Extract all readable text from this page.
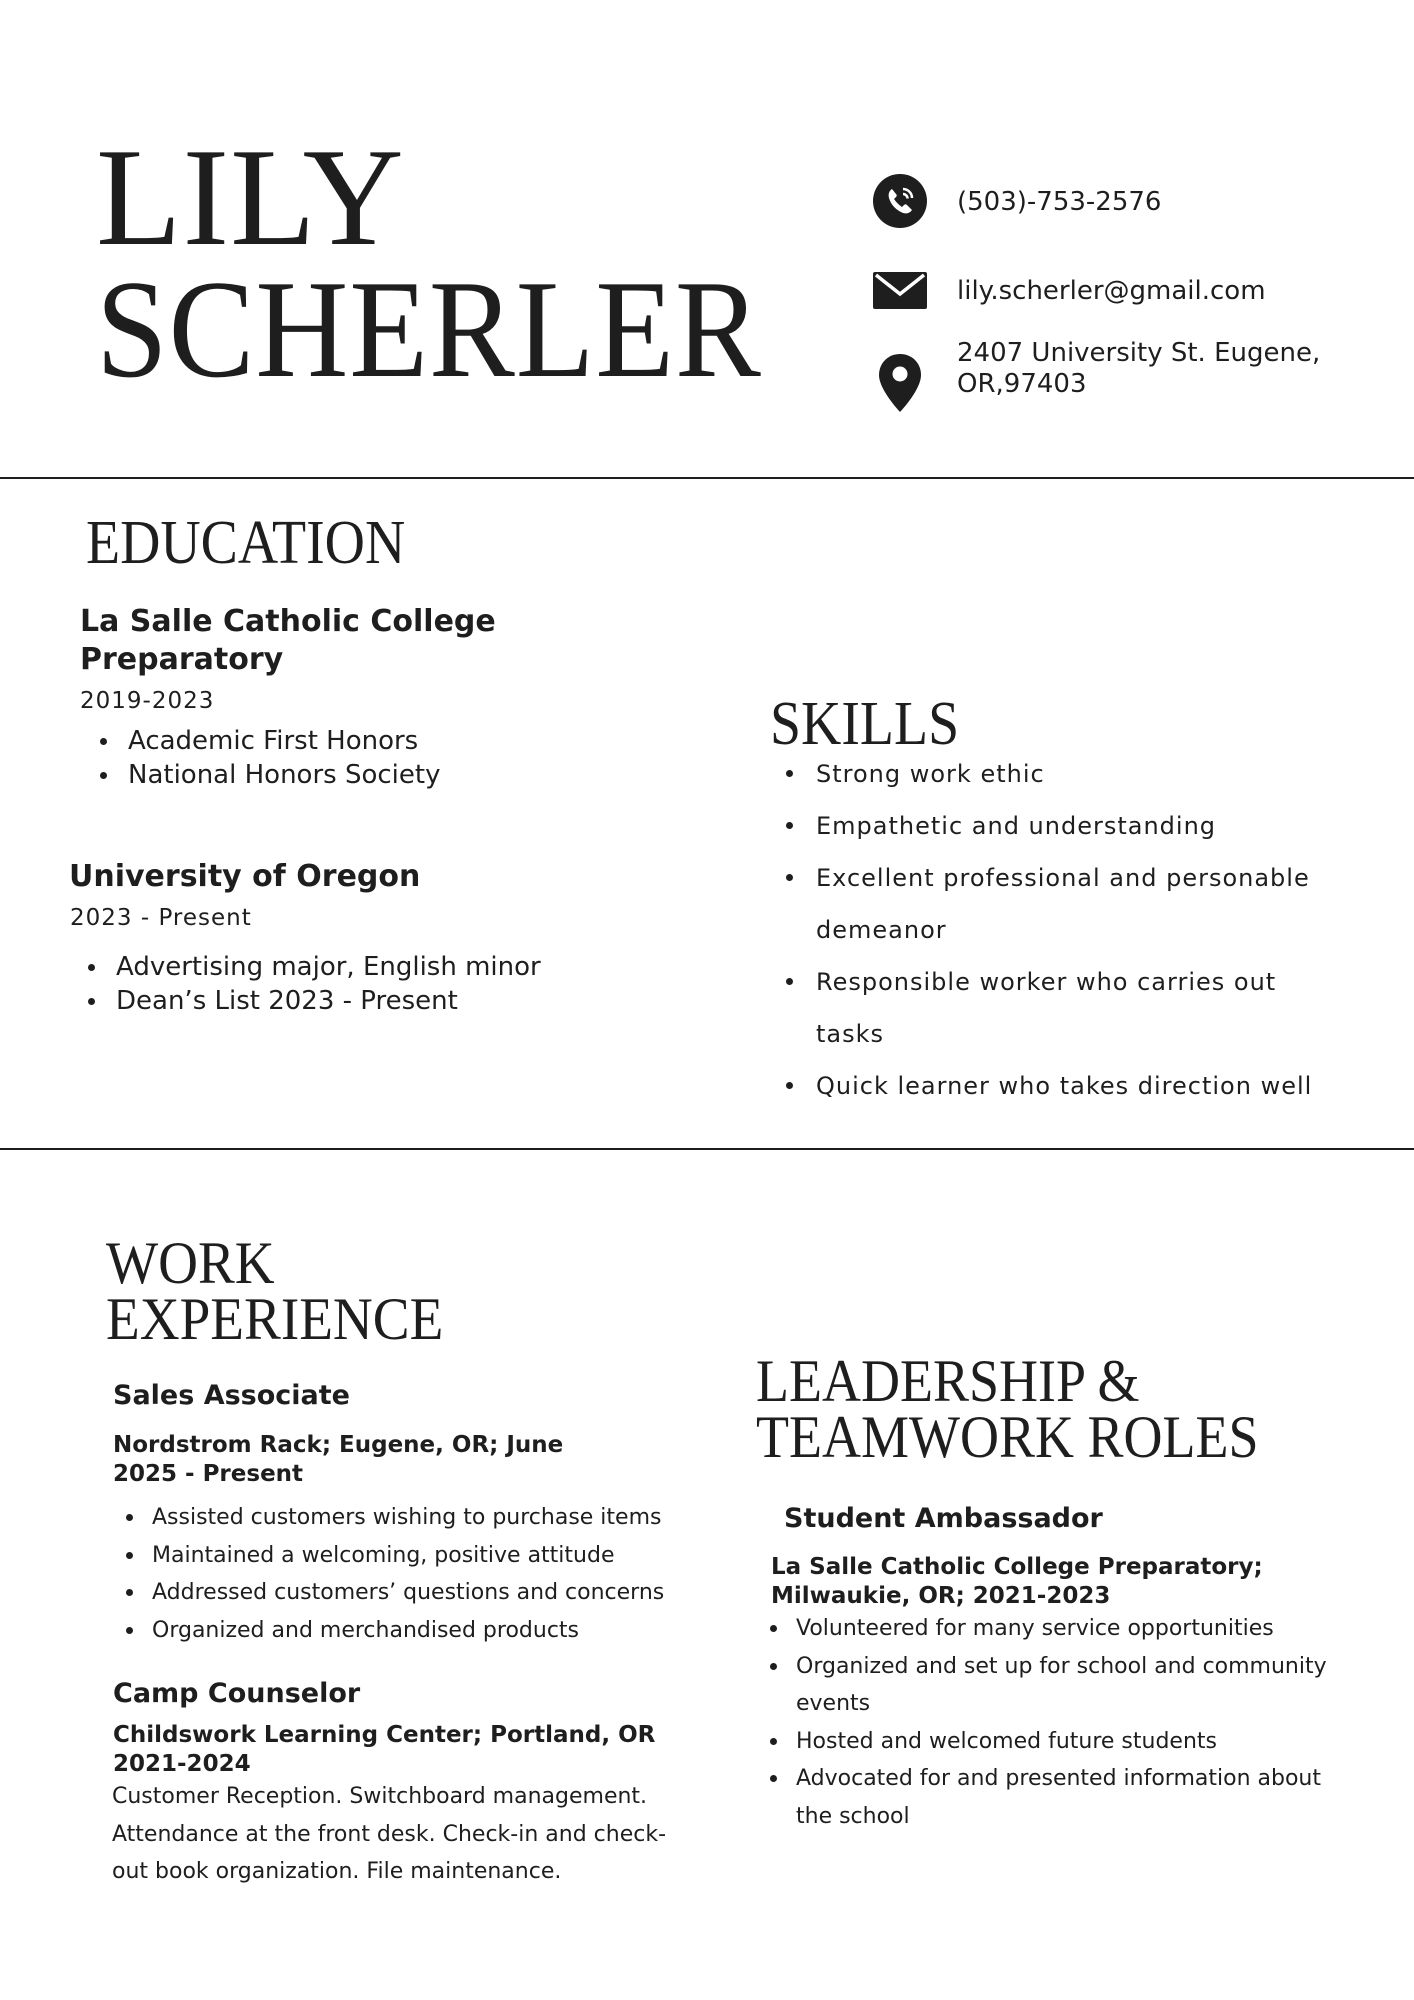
LILY
SCHERLER
(503)-753-2576
lily.scherler@gmail.com
2407 University St. Eugene, OR,97403
EDUCATION
La Salle Catholic College Preparatory
2019-2023
Academic First Honors
National Honors Society
University of Oregon
2023 - Present
Advertising major, English minor
Dean’s List 2023 - Present
SKILLS
Strong work ethic
Empathetic and understanding
Excellent professional and personable demeanor
Responsible worker who carries out tasks
Quick learner who takes direction well
WORK
EXPERIENCE
Sales Associate
Nordstrom Rack; Eugene, OR; June 2025 - Present
Assisted customers wishing to purchase items
Maintained a welcoming, positive attitude
Addressed customers’ questions and concerns
Organized and merchandised products
Camp Counselor
Childswork Learning Center; Portland, OR 2021-2024

Customer Reception. Switchboard management. Attendance at the front desk. Check-in and check-out book organization. File maintenance.

LEADERSHIP &
TEAMWORK ROLES
Student Ambassador
La Salle Catholic College Preparatory; Milwaukie, OR; 2021-2023
Volunteered for many service opportunities
Organized and set up for school and community events
Hosted and welcomed future students
Advocated for and presented information about the school
